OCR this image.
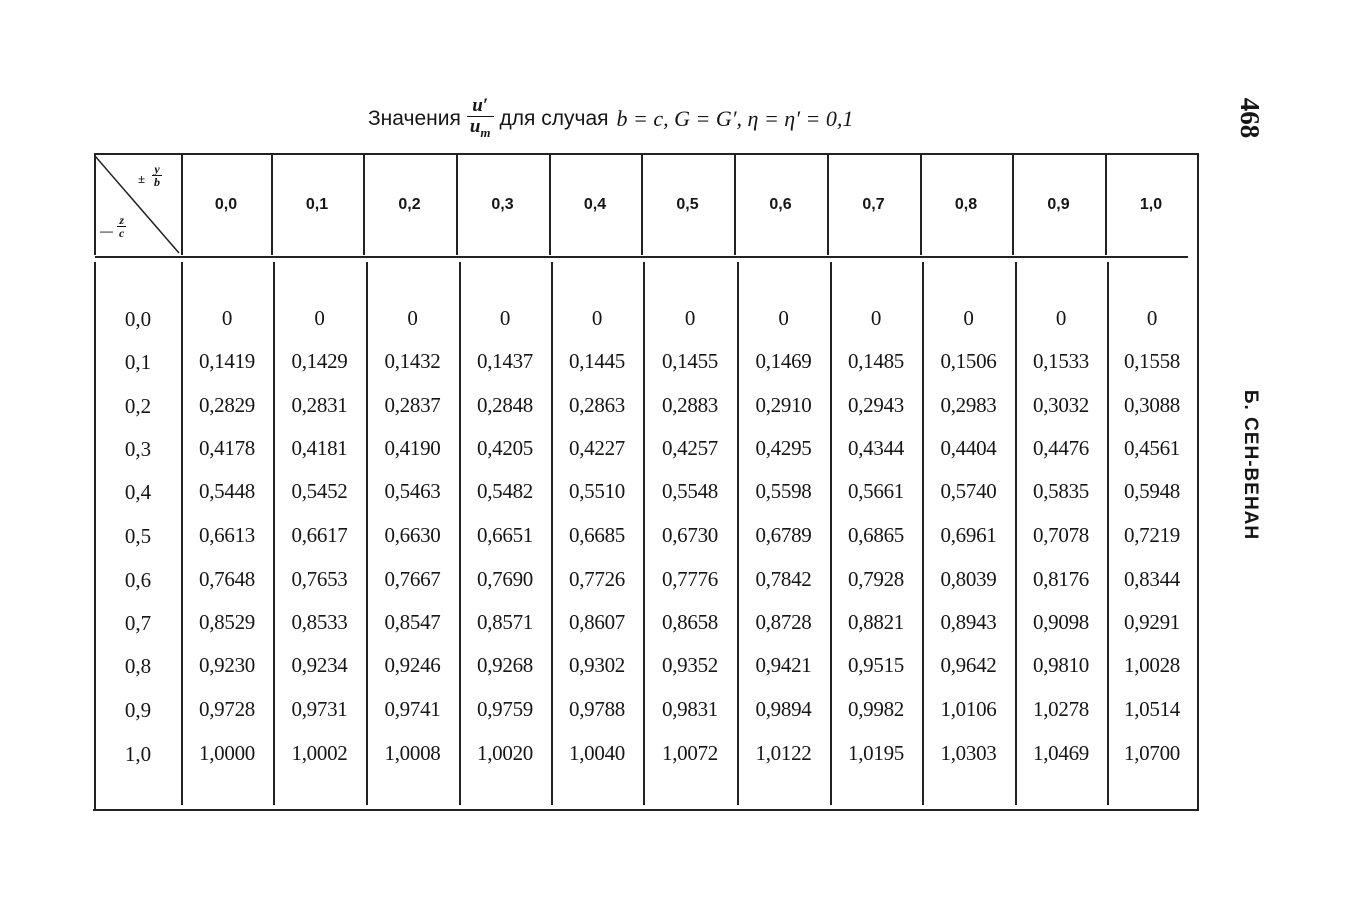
Значения $\frac{u'}{u_m}$ для случая b = c, G = G′, η = η′ = 0,1	468
Б. СЕН-ВЕНАН
± $\frac{y}{b}$
— $\frac{z}{c}$
0,0	0,1	0,2	0,3	0,4	0,5	0,6	0,7	0,8	0,9	1,0
0,0	0	0	0	0	0	0	0	0	0	0	0
0,1	0,1419	0,1429	0,1432	0,1437	0,1445	0,1455	0,1469	0,1485	0,1506	0,1533	0,1558
0,2	0,2829	0,2831	0,2837	0,2848	0,2863	0,2883	0,2910	0,2943	0,2983	0,3032	0,3088
0,3	0,4178	0,4181	0,4190	0,4205	0,4227	0,4257	0,4295	0,4344	0,4404	0,4476	0,4561
0,4	0,5448	0,5452	0,5463	0,5482	0,5510	0,5548	0,5598	0,5661	0,5740	0,5835	0,5948
0,5	0,6613	0,6617	0,6630	0,6651	0,6685	0,6730	0,6789	0,6865	0,6961	0,7078	0,7219
0,6	0,7648	0,7653	0,7667	0,7690	0,7726	0,7776	0,7842	0,7928	0,8039	0,8176	0,8344
0,7	0,8529	0,8533	0,8547	0,8571	0,8607	0,8658	0,8728	0,8821	0,8943	0,9098	0,9291
0,8	0,9230	0,9234	0,9246	0,9268	0,9302	0,9352	0,9421	0,9515	0,9642	0,9810	1,0028
0,9	0,9728	0,9731	0,9741	0,9759	0,9788	0,9831	0,9894	0,9982	1,0106	1,0278	1,0514
1,0	1,0000	1,0002	1,0008	1,0020	1,0040	1,0072	1,0122	1,0195	1,0303	1,0469	1,0700
